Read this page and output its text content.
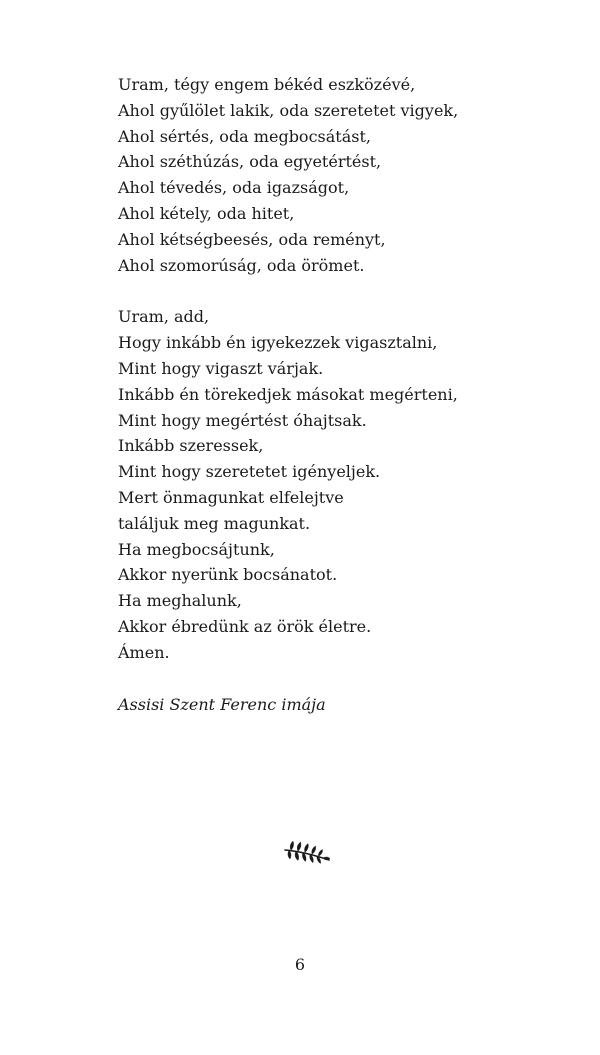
Uram, tégy engem békéd eszközévé,
Ahol gyűlölet lakik, oda szeretetet vigyek,
Ahol sértés, oda megbocsátást,
Ahol széthúzás, oda egyetértést,
Ahol tévedés, oda igazságot,
Ahol kétely, oda hitet,
Ahol kétségbeesés, oda reményt,
Ahol szomorúság, oda örömet.
Uram, add,
Hogy inkább én igyekezzek vigasztalni,
Mint hogy vigaszt várjak.
Inkább én törekedjek másokat megérteni,
Mint hogy megértést óhajtsak.
Inkább szeressek,
Mint hogy szeretetet igényeljek.
Mert önmagunkat elfelejtve
találjuk meg magunkat.
Ha megbocsájtunk,
Akkor nyerünk bocsánatot.
Ha meghalunk,
Akkor ébredünk az örök életre.
Ámen.
Assisi Szent Ferenc imája
6
